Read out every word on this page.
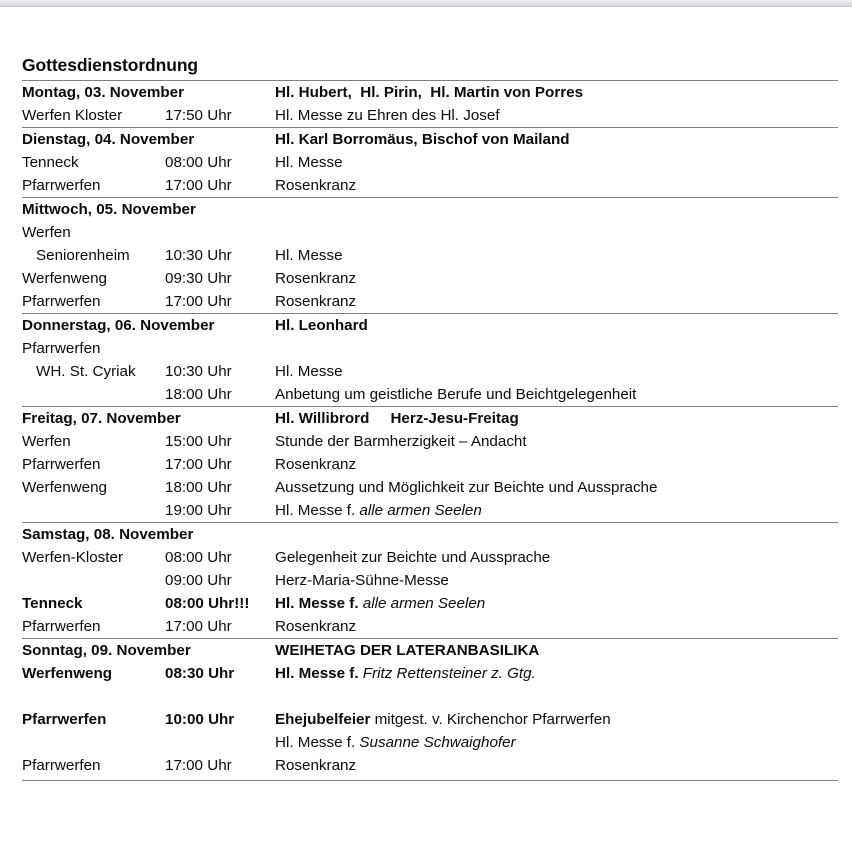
Gottesdienstordnung
Montag, 03. November		Hl. Hubert,  Hl. Pirin,  Hl. Martin von Porres
Werfen Kloster	17:50 Uhr	Hl. Messe zu Ehren des Hl. Josef
Dienstag, 04. November		Hl. Karl Borromäus, Bischof von Mailand
Tenneck	08:00 Uhr	Hl. Messe
Pfarrwerfen	17:00 Uhr	Rosenkranz
Mittwoch, 05. November		
Werfen		
Seniorenheim	10:30 Uhr	Hl. Messe
Werfenweng	09:30 Uhr	Rosenkranz
Pfarrwerfen	17:00 Uhr	Rosenkranz
Donnerstag, 06. November		Hl. Leonhard
Pfarrwerfen		
WH. St. Cyriak	10:30 Uhr	Hl. Messe
	18:00 Uhr	Anbetung um geistliche Berufe und Beichtgelegenheit
Freitag, 07. November		Hl. Willibrord     Herz-Jesu-Freitag
Werfen	15:00 Uhr	Stunde der Barmherzigkeit – Andacht
Pfarrwerfen	17:00 Uhr	Rosenkranz
Werfenweng	18:00 Uhr	Aussetzung und Möglichkeit zur Beichte und Aussprache
	19:00 Uhr	Hl. Messe f. alle armen Seelen
Samstag, 08. November		
Werfen-Kloster	08:00 Uhr	Gelegenheit zur Beichte und Aussprache
	09:00 Uhr	Herz-Maria-Sühne-Messe
Tenneck	08:00 Uhr!!!	Hl. Messe f. alle armen Seelen
Pfarrwerfen	17:00 Uhr	Rosenkranz
Sonntag, 09. November		WEIHETAG DER LATERANBASILIKA
Werfenweng	08:30 Uhr	Hl. Messe f. Fritz Rettensteiner z. Gtg.

Pfarrwerfen	10:00 Uhr	Ehejubelfeier mitgest. v. Kirchenchor Pfarrwerfen
		Hl. Messe f. Susanne Schwaighofer
Pfarrwerfen	17:00 Uhr	Rosenkranz
